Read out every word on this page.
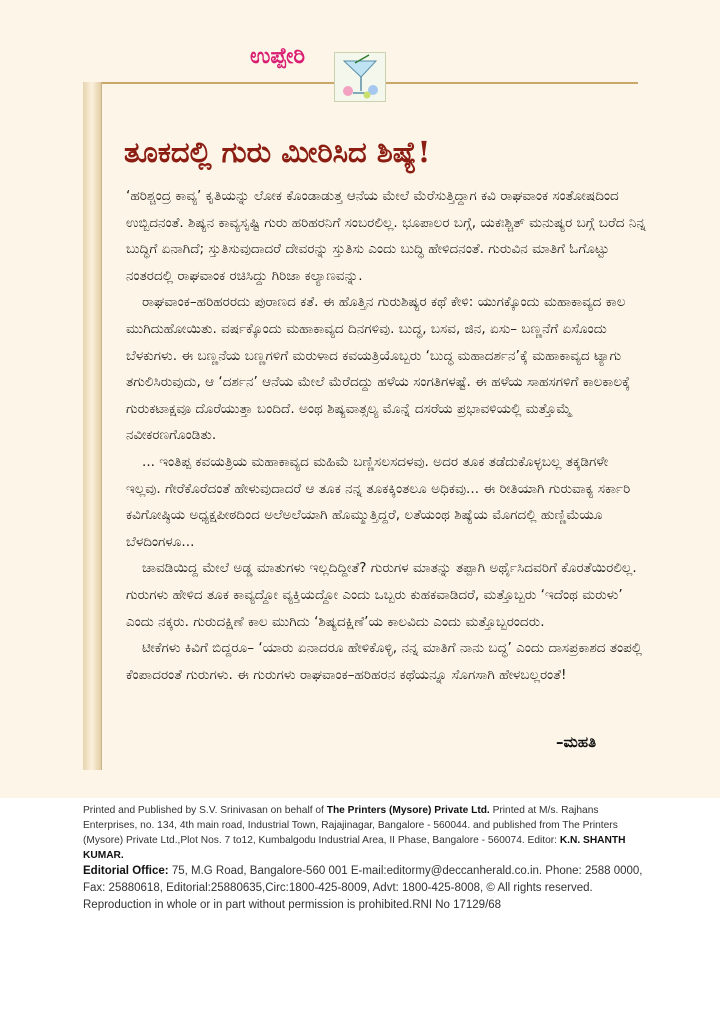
ಉಪ್ಪೇರಿ
ತೂಕದಲ್ಲಿ ಗುರು ಮೀರಿಸಿದ ಶಿಷ್ಯೆ!

‘ಹರಿಶ್ಚಂದ್ರ ಕಾವ್ಯ’ ಕೃತಿಯನ್ನು ಲೋಕ ಕೊಂಡಾಡುತ್ತ ಆನೆಯ ಮೇಲೆ ಮೆರೆಸುತ್ತಿದ್ದಾಗ ಕವಿ ರಾಘವಾಂಕ ಸಂತೋಷದಿಂದ ಉಬ್ಬಿದನಂತೆ. ಶಿಷ್ಯನ ಕಾವ್ಯಸೃಷ್ಟಿ ಗುರು ಹರಿಹರನಿಗೆ ಸಂಬರಲಿಲ್ಲ. ಭೂಪಾಲರ ಬಗ್ಗೆ, ಯಕಃಶ್ಚಿತ್ ಮನುಷ್ಯರ ಬಗ್ಗೆ ಬರೆದ ನಿನ್ನ ಬುದ್ಧಿಗೆ ಏನಾಗಿದೆ; ಸ್ತುತಿಸುವುದಾದರೆ ದೇವರನ್ನು ಸ್ತುತಿಸು ಎಂದು ಬುದ್ಧಿ ಹೇಳಿದನಂತೆ. ಗುರುವಿನ ಮಾತಿಗೆ ಓಗೊಟ್ಟು ನಂತರದಲ್ಲಿ ರಾಘವಾಂಕ ರಚಿಸಿದ್ದು ಗಿರಿಜಾ ಕಲ್ಯಾಣವನ್ನು.

ರಾಘವಾಂಕ–ಹರಿಹರರದು ಪುರಾಣದ ಕತೆ. ಈ ಹೊತ್ತಿನ ಗುರುಶಿಷ್ಯರ ಕಥೆ ಕೇಳಿ: ಯುಗಕ್ಕೊಂದು ಮಹಾಕಾವ್ಯದ ಕಾಲ ಮುಗಿದುಹೋಯಿತು. ವರ್ಷಕ್ಕೊಂದು ಮಹಾಕಾವ್ಯದ ದಿನಗಳಿವು. ಬುದ್ಧ, ಬಸವ, ಜಿನ, ಏಸು– ಬಣ್ಣನೆಗೆ ಏಸೊಂದು ಬೆಳಕುಗಳು. ಈ ಬಣ್ಣನೆಯ ಬಣ್ಣಗಳಿಗೆ ಮರುಳಾದ ಕವಯತ್ರಿಯೊಬ್ಬರು ‘ಬುದ್ಧ ಮಹಾದರ್ಶನ’ಕ್ಕೆ ಮಹಾಕಾವ್ಯದ ಟ್ಯಾಗು ತಗುಲಿಸಿರುವುದು, ಆ ‘ದರ್ಶನ’ ಆನೆಯ ಮೇಲೆ ಮೆರೆದದ್ದು ಹಳೆಯ ಸಂಗತಿಗಳಷ್ಟೆ. ಈ ಹಳೆಯ ಸಾಹಸಗಳಿಗೆ ಕಾಲಕಾಲಕ್ಕೆ ಗುರುಕಟಾಕ್ಷವೂ ದೊರೆಯುತ್ತಾ ಬಂದಿದೆ. ಅಂಥ ಶಿಷ್ಯವಾತ್ಸಲ್ಯ ಮೊನ್ನೆ ದಸರೆಯ ಪ್ರಭಾವಳಿಯಲ್ಲಿ ಮತ್ತೊಮ್ಮೆ ನವೀಕರಣಗೊಂಡಿತು.

... ಇಂತಿಪ್ಪ ಕವಯತ್ರಿಯ ಮಹಾಕಾವ್ಯದ ಮಹಿಮೆ ಬಣ್ಣಿಸಲಸದಳವು. ಅದರ ತೂಕ ತಡೆದುಕೊಳ್ಳಬಲ್ಲ ತಕ್ಕಡಿಗಳೇ ಇಲ್ಲವು. ಗೇರೆಕೊರೆದಂತೆ ಹೇಳುವುದಾದರೆ ಆ ತೂಕ ನನ್ನ ತೂಕಕ್ಕಿಂತಲೂ ಅಧಿಕವು... ಈ ರೀತಿಯಾಗಿ ಗುರುವಾಕ್ಯ ಸರ್ಕಾರಿ ಕವಿಗೋಷ್ಠಿಯ ಅಧ್ಯಕ್ಷಪೀಠದಿಂದ ಅಲೆಅಲೆಯಾಗಿ ಹೊಮ್ಮುತ್ತಿದ್ದರೆ, ಲತೆಯಂಥ ಶಿಷ್ಯೆಯ ಮೊಗದಲ್ಲಿ ಹುಣ್ಣಿಮೆಯೂ ಬೆಳದಿಂಗಳೂ...

ಚಾವಡಿಯಿದ್ದ ಮೇಲೆ ಅಡ್ಡ ಮಾತುಗಳು ಇಲ್ಲದಿದ್ದೀತೆ? ಗುರುಗಳ ಮಾತನ್ನು ತಪ್ಪಾಗಿ ಅರ್ಥೈಸಿದವರಿಗೆ ಕೊರತೆಯಿರಲಿಲ್ಲ. ಗುರುಗಳು ಹೇಳಿದ ತೂಕ ಕಾವ್ಯದ್ದೋ ವ್ಯಕ್ತಿಯದ್ದೋ ಎಂದು ಒಬ್ಬರು ಕುಹಕವಾಡಿದರೆ, ಮತ್ತೊಬ್ಬರು ‘ಇದೆಂಥ ಮರುಳು’ ಎಂದು ನಕ್ಕರು. ಗುರುದಕ್ಷಿಣೆ ಕಾಲ ಮುಗಿದು ‘ಶಿಷ್ಯದಕ್ಷಿಣೆ’ಯ ಕಾಲವಿದು ಎಂದು ಮತ್ತೊಬ್ಬರಂದರು.

ಟೀಕೆಗಳು ಕಿವಿಗೆ ಬಿದ್ದರೂ– ‘ಯಾರು ಏನಾದರೂ ಹೇಳಿಕೊಳ್ಳಿ, ನನ್ನ ಮಾತಿಗೆ ನಾನು ಬದ್ಧ’ ಎಂದು ದಾಸಪ್ರಕಾಶದ ತಂಪಲ್ಲಿ ಕೆಂಪಾದರಂತೆ ಗುರುಗಳು. ಈ ಗುರುಗಳು ರಾಘವಾಂಕ–ಹರಿಹರನ ಕಥೆಯನ್ನೂ ಸೊಗಸಾಗಿ ಹೇಳಬಲ್ಲರಂತೆ!

–ಮಹತಿ

Printed and Published by S.V. Srinivasan on behalf of The Printers (Mysore) Private Ltd. Printed at M/s. Rajhans Enterprises, no. 134, 4th main road, Industrial Town, Rajajinagar, Bangalore - 560044. and published from The Printers (Mysore) Private Ltd.,Plot Nos. 7 to12, Kumbalgodu Industrial Area, II Phase, Bangalore - 560074. Editor: K.N. SHANTH KUMAR.

Editorial Office: 75, M.G Road, Bangalore-560 001 E-mail:editormy@deccanherald.co.in. Phone: 2588 0000, Fax: 25880618, Editorial:25880635,Circ:1800-425-8009, Advt: 1800-425-8008, © All rights reserved. Reproduction in whole or in part without permission is prohibited.RNI No 17129/68
